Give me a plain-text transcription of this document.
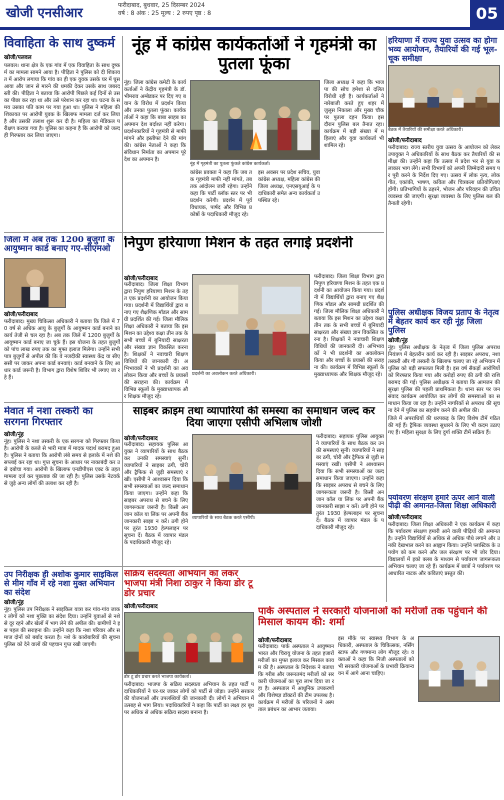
खोजी एनसीआर
फरीदाबाद, बुधवार, 25 दिसम्बर 2024
वर्ष : 8 अंक : 25 मूल्य : 2 रुपए पृष्ठ : 8	05
विवाहिता के साथ दुष्कर्म
खोजी/पलवल
पलवल। थाना क्षेत्र के एक गांव में एक विवाहिता के साथ दुष्कर्म का मामला सामने आया है। पीड़िता ने पुलिस को दी शिकायत में आरोप लगाया कि गांव का ही एक युवक उसके घर में घुस आया और जान से मारने की धमकी देकर उसके साथ जबरदस्ती की। पीड़िता ने बताया कि आरोपी पिछले कई दिनों से उसका पीछा कर रहा था और उसे परेशान कर रहा था। घटना के समय उसका पति काम पर गया हुआ था। पुलिस ने महिला की शिकायत पर आरोपी युवक के खिलाफ मामला दर्ज कर लिया है और उसकी तलाश शुरू कर दी है। महिला का मेडिकल परीक्षण कराया गया है। पुलिस का कहना है कि आरोपी को जल्द ही गिरफ्तार कर लिया जाएगा।
नूंह में कांग्रेस कार्यकर्ताओं ने गृहमंत्री का पुतला फूंका
नूंह। जिला कांग्रेस कमेटी के कार्यकर्ताओं ने केंद्रीय गृहमंत्री के डॉ. भीमराव अम्बेडकर पर दिए गए बयान के विरोध में प्रदर्शन किया और उनका पुतला फूंका। कार्यकर्ताओं ने कहा कि बाबा साहब का अपमान देश बर्दाश्त नहीं करेगा। प्रदर्शनकारियों ने गृहमंत्री से माफी मांगने और इस्तीफा देने की मांग की। कांग्रेस नेताओं ने कहा कि संविधान निर्माता का अपमान पूरे देश का अपमान है।
जिला अध्यक्ष ने कहा कि भाजपा की सोच हमेशा से दलित विरोधी रही है। कार्यकर्ताओं ने नारेबाजी करते हुए शहर में जुलूस निकाला और मुख्य चौक पर पुतला दहन किया। इस दौरान पुलिस बल तैनात रहा। कार्यक्रम में बड़ी संख्या में महिलाएं और युवा कार्यकर्ता भी शामिल रहे।
नूंह में गृहमंत्री का पुतला फूंकते कांग्रेस कार्यकर्ता।
कांग्रेस प्रवक्ता ने कहा कि जब तक गृहमंत्री माफी नहीं मांगते, तब तक आंदोलन जारी रहेगा। उन्होंने कहा कि पार्टी ब्लॉक स्तर पर भी प्रदर्शन करेगी। प्रदर्शन में पूर्व विधायक, पार्षद और विभिन्न प्रकोष्ठों के पदाधिकारी मौजूद रहे।
इस अवसर पर प्रदेश सचिव, युवा कांग्रेस अध्यक्ष, महिला कांग्रेस की जिला अध्यक्ष, एनएसयूआई के पदाधिकारी समेत अन्य कार्यकर्ता उपस्थित रहे।
हरियाणा में राज्य युवा उत्सव का होगा भव्य आयोजन, तैयारियों की गई भूल-चूक समीक्षा
बैठक में तैयारियों की समीक्षा करते अधिकारी।
खोजी/फरीदाबाद
फरीदाबाद। राज्य स्तरीय युवा उत्सव के आयोजन को लेकर उपायुक्त ने अधिकारियों के साथ बैठक कर तैयारियों की समीक्षा की। उन्होंने कहा कि उत्सव में प्रदेश भर से युवा कलाकार भाग लेंगे। सभी विभागों को अपनी जिम्मेदारी समय पर पूरी करने के निर्देश दिए गए। उत्सव में लोक नृत्य, लोक गीत, एकांकी, भाषण, कविता और चित्रकला प्रतियोगिताएं होंगी। प्रतिभागियों के ठहरने, भोजन और परिवहन की उचित व्यवस्था की जाएगी। सुरक्षा व्यवस्था के लिए पुलिस बल की तैनाती रहेगी।
जिला में अब तक 1200 बुजुर्गों के आयुष्मान कार्ड बनाए गए-सीएमओ
खोजी/फरीदाबाद
फरीदाबाद। मुख्य चिकित्सा अधिकारी ने बताया कि जिले में 70 वर्ष से अधिक आयु के बुजुर्गों के आयुष्मान कार्ड बनाने का कार्य तेजी से चल रहा है। अब तक जिले में 1200 बुजुर्गों के आयुष्मान कार्ड बनाए जा चुके हैं। इस योजना के तहत बुजुर्गों को पांच लाख रुपए तक का मुफ्त इलाज मिलेगा। उन्होंने सभी पात्र बुजुर्गों से अपील की कि वे नजदीकी स्वास्थ्य केंद्र या सीएससी पर जाकर अपना कार्ड बनवाएं। कार्ड बनवाने के लिए आधार कार्ड जरूरी है। विभाग द्वारा विशेष शिविर भी लगाए जा रहे हैं।
निपुण हरियाणा मिशन के तहत लगाई प्रदर्शनी
खोजी/फरीदाबाद
फरीदाबाद। जिला शिक्षा विभाग द्वारा निपुण हरियाणा मिशन के तहत एक प्रदर्शनी का आयोजन किया गया। प्रदर्शनी में विद्यार्थियों द्वारा बनाए गए शैक्षणिक मॉडल और सामग्री प्रदर्शित की गई। जिला मौलिक शिक्षा अधिकारी ने बताया कि इस मिशन का उद्देश्य कक्षा तीन तक के सभी बच्चों में बुनियादी साक्षरता और संख्या ज्ञान विकसित करना है। शिक्षकों ने नवाचारी शिक्षण विधियों की जानकारी दी। अभिभावकों ने भी प्रदर्शनी का अवलोकन किया और बच्चों के प्रयासों की सराहना की। कार्यक्रम में विभिन्न स्कूलों के मुख्याध्यापक और शिक्षक मौजूद रहे।
प्रदर्शनी का अवलोकन करते अधिकारी।
फरीदाबाद। जिला शिक्षा विभाग द्वारा निपुण हरियाणा मिशन के तहत एक प्रदर्शनी का आयोजन किया गया। प्रदर्शनी में विद्यार्थियों द्वारा बनाए गए शैक्षणिक मॉडल और सामग्री प्रदर्शित की गई। जिला मौलिक शिक्षा अधिकारी ने बताया कि इस मिशन का उद्देश्य कक्षा तीन तक के सभी बच्चों में बुनियादी साक्षरता और संख्या ज्ञान विकसित करना है। शिक्षकों ने नवाचारी शिक्षण विधियों की जानकारी दी। अभिभावकों ने भी प्रदर्शनी का अवलोकन किया और बच्चों के प्रयासों की सराहना की। कार्यक्रम में विभिन्न स्कूलों के मुख्याध्यापक और शिक्षक मौजूद रहे।
पुलिस अधीक्षक विजय प्रताप के नेतृत्व में बेहतर कार्य कर रही नूंह जिला पुलिस
खोजी/नूंह
नूंह। पुलिस अधीक्षक के नेतृत्व में जिला पुलिस अपराध नियंत्रण में बेहतरीन कार्य कर रही है। साइबर अपराध, नशा तस्करी और गौ तस्करी के खिलाफ चलाए जा रहे अभियान में पुलिस को बड़ी सफलता मिली है। इस वर्ष सैकड़ों आरोपियों को गिरफ्तार किया गया और करोड़ों रुपए की ठगी की राशि बरामद की गई। पुलिस अधीक्षक ने बताया कि आमजन की सुरक्षा पुलिस की पहली प्राथमिकता है। थाना स्तर पर जन संवाद कार्यक्रम आयोजित कर लोगों की समस्याओं का समाधान किया जा रहा है। उन्होंने नागरिकों से अपराध की सूचना देने में पुलिस का सहयोग करने की अपील की।
जिले में अपराधियों की धरपकड़ के लिए विशेष टीमें गठित की गई हैं। ट्रैफिक व्यवस्था सुधारने के लिए भी कदम उठाए गए हैं। महिला सुरक्षा के लिए दुर्गा शक्ति टीमें सक्रिय हैं।
मेवात में नशा तस्करी का सरगना गिरफ्तार
खोजी/नूंह
नूंह। पुलिस ने नशा तस्करी के एक सरगना को गिरफ्तार किया है। आरोपी के कब्जे से भारी मात्रा में मादक पदार्थ बरामद हुआ है। पुलिस ने बताया कि आरोपी लंबे समय से इलाके में नशे की सप्लाई कर रहा था। गुप्त सूचना के आधार पर नाकाबंदी कर उसे दबोचा गया। आरोपी के खिलाफ एनडीपीएस एक्ट के तहत मामला दर्ज कर पूछताछ की जा रही है। पुलिस उसके नेटवर्क से जुड़े अन्य लोगों की तलाश कर रही है।
साइबर क्राइम तथा व्यापारियों की समस्या का समाधान जल्द कर दिया जाएगा एसीपी अभिलाष जोशी
खोजी/फरीदाबाद
फरीदाबाद। सहायक पुलिस आयुक्त ने व्यापारियों के साथ बैठक कर उनकी समस्याएं सुनीं। व्यापारियों ने साइबर ठगी, चोरी और ट्रैफिक से जुड़ी समस्याएं रखीं। एसीपी ने आश्वासन दिया कि सभी समस्याओं का जल्द समाधान किया जाएगा। उन्होंने कहा कि साइबर अपराध से बचने के लिए जागरूकता जरूरी है। किसी अनजान कॉल या लिंक पर अपनी बैंक जानकारी साझा न करें। ठगी होने पर तुरंत 1930 हेल्पलाइन पर सूचना दें। बैठक में व्यापार मंडल के पदाधिकारी मौजूद रहे।
व्यापारियों के साथ बैठक करते एसीपी।
फरीदाबाद। सहायक पुलिस आयुक्त ने व्यापारियों के साथ बैठक कर उनकी समस्याएं सुनीं। व्यापारियों ने साइबर ठगी, चोरी और ट्रैफिक से जुड़ी समस्याएं रखीं। एसीपी ने आश्वासन दिया कि सभी समस्याओं का जल्द समाधान किया जाएगा। उन्होंने कहा कि साइबर अपराध से बचने के लिए जागरूकता जरूरी है। किसी अनजान कॉल या लिंक पर अपनी बैंक जानकारी साझा न करें। ठगी होने पर तुरंत 1930 हेल्पलाइन पर सूचना दें। बैठक में व्यापार मंडल के पदाधिकारी मौजूद रहे।
पर्यावरण संरक्षण हमारे ऊपर आने वाली पीढ़ी की अमानत-जिला शिक्षा अधिकारी
खोजी/फरीदाबाद
फरीदाबाद। जिला शिक्षा अधिकारी ने एक कार्यक्रम में कहा कि पर्यावरण संरक्षण हमारी आने वाली पीढ़ियों की अमानत है। उन्होंने विद्यार्थियों से अधिक से अधिक पौधे लगाने और उनकी देखभाल करने का आह्वान किया। उन्होंने प्लास्टिक के उपयोग को कम करने और जल संरक्षण पर भी जोर दिया। विद्यालयों में इको क्लब के माध्यम से पर्यावरण जागरूकता अभियान चलाए जा रहे हैं। कार्यक्रम में छात्रों ने पर्यावरण पर आधारित नाटक और कविताएं प्रस्तुत कीं।
उप निरीक्षक ही अशोक कुमार साइकिल से मीम गाँव में रहे नशा मुक्त अभियान का संदेश
खोजी/नूंह
नूंह। पुलिस उप निरीक्षक ने साइकिल यात्रा कर गांव-गांव जाकर लोगों को नशा मुक्ति का संदेश दिया। उन्होंने युवाओं से नशे से दूर रहने और खेलों में भाग लेने की अपील की। ग्रामीणों ने इस पहल की सराहना की। उन्होंने कहा कि नशा परिवार और समाज दोनों को बर्बाद करता है। नशे के कारोबारियों की सूचना पुलिस को देने वालों की पहचान गुप्त रखी जाएगी।
सक्रिय सदस्यता अभियान को लेकर भाजपा मंत्री निशा ठाकुर ने किया डोर टू डोर प्रचार
खोजी/फरीदाबाद
डोर टू डोर प्रचार करते भाजपा कार्यकर्ता।
फरीदाबाद। भाजपा के सक्रिय सदस्यता अभियान के तहत पार्टी पदाधिकारियों ने घर-घर जाकर लोगों को पार्टी से जोड़ा। उन्होंने सरकार की योजनाओं और उपलब्धियों की जानकारी दी। लोगों ने अभियान में उत्साह से भाग लिया। पदाधिकारियों ने कहा कि पार्टी का लक्ष्य हर बूथ पर अधिक से अधिक सक्रिय सदस्य बनाना है।
पार्क अस्पताल ने सरकारी योजनाओं को मरीजों तक पहुंचाने की मिसाल कायम की: शर्मा
खोजी/फरीदाबाद
फरीदाबाद। पार्क अस्पताल ने आयुष्मान भारत और चिरायु योजना के तहत हजारों मरीजों का मुफ्त इलाज कर मिसाल कायम की है। अस्पताल के निदेशक ने बताया कि गरीब और जरूरतमंद मरीजों को सरकारी योजनाओं का पूरा लाभ दिया जा रहा है। अस्पताल में आधुनिक उपकरणों और विशेषज्ञ डॉक्टरों की टीम उपलब्ध है। कार्यक्रम में मरीजों के परिजनों ने अस्पताल प्रबंधन का आभार जताया।
इस मौके पर स्वास्थ्य विभाग के अधिकारी, अस्पताल के चिकित्सक, नर्सिंग स्टाफ और गणमान्य लोग मौजूद रहे। वक्ताओं ने कहा कि निजी अस्पतालों को भी सरकारी योजनाओं के प्रभावी क्रियान्वयन में आगे आना चाहिए।
